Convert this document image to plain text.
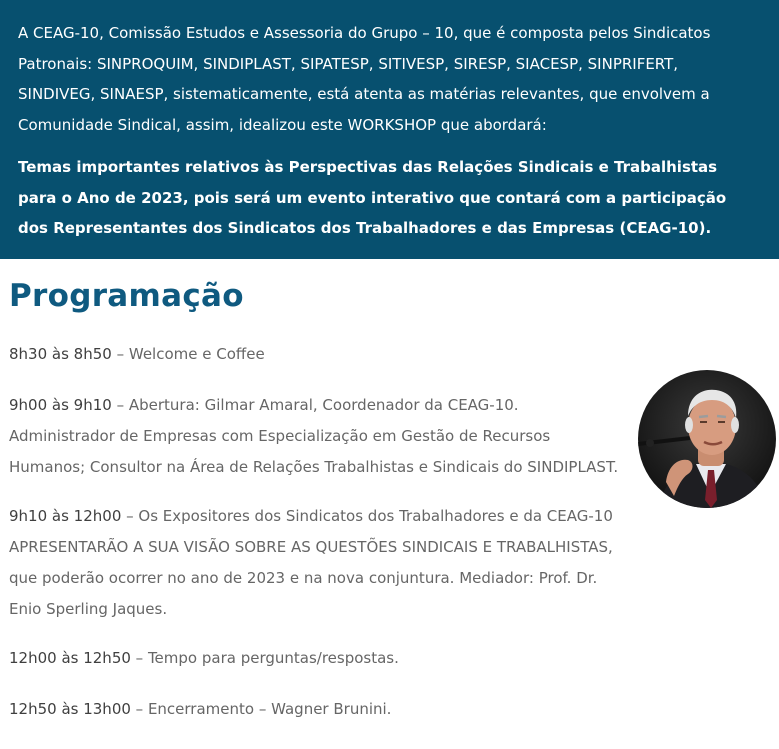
A CEAG-10, Comissão Estudos e Assessoria do Grupo – 10, que é composta pelos Sindicatos Patronais: SINPROQUIM, SINDIPLAST, SIPATESP, SITIVESP, SIRESP, SIACESP, SINPRIFERT, SINDIVEG, SINAESP, sistematicamente, está atenta as matérias relevantes, que envolvem a Comunidade Sindical, assim, idealizou este WORKSHOP que abordará:

Temas importantes relativos às Perspectivas das Relações Sindicais e Trabalhistas para o Ano de 2023, pois será um evento interativo que contará com a participação dos Representantes dos Sindicatos dos Trabalhadores e das Empresas (CEAG-10).

Programação

8h30 às 8h50 – Welcome e Coffee

9h00 às 9h10 – Abertura: Gilmar Amaral, Coordenador da CEAG-10. Administrador de Empresas com Especialização em Gestão de Recursos Humanos; Consultor na Área de Relações Trabalhistas e Sindicais do SINDIPLAST.

9h10 às 12h00 – Os Expositores dos Sindicatos dos Trabalhadores e da CEAG-10 APRESENTARÃO A SUA VISÃO SOBRE AS QUESTÕES SINDICAIS E TRABALHISTAS, que poderão ocorrer no ano de 2023 e na nova conjuntura. Mediador: Prof. Dr. Enio Sperling Jaques.

12h00 às 12h50 – Tempo para perguntas/respostas.

12h50 às 13h00 – Encerramento – Wagner Brunini.
